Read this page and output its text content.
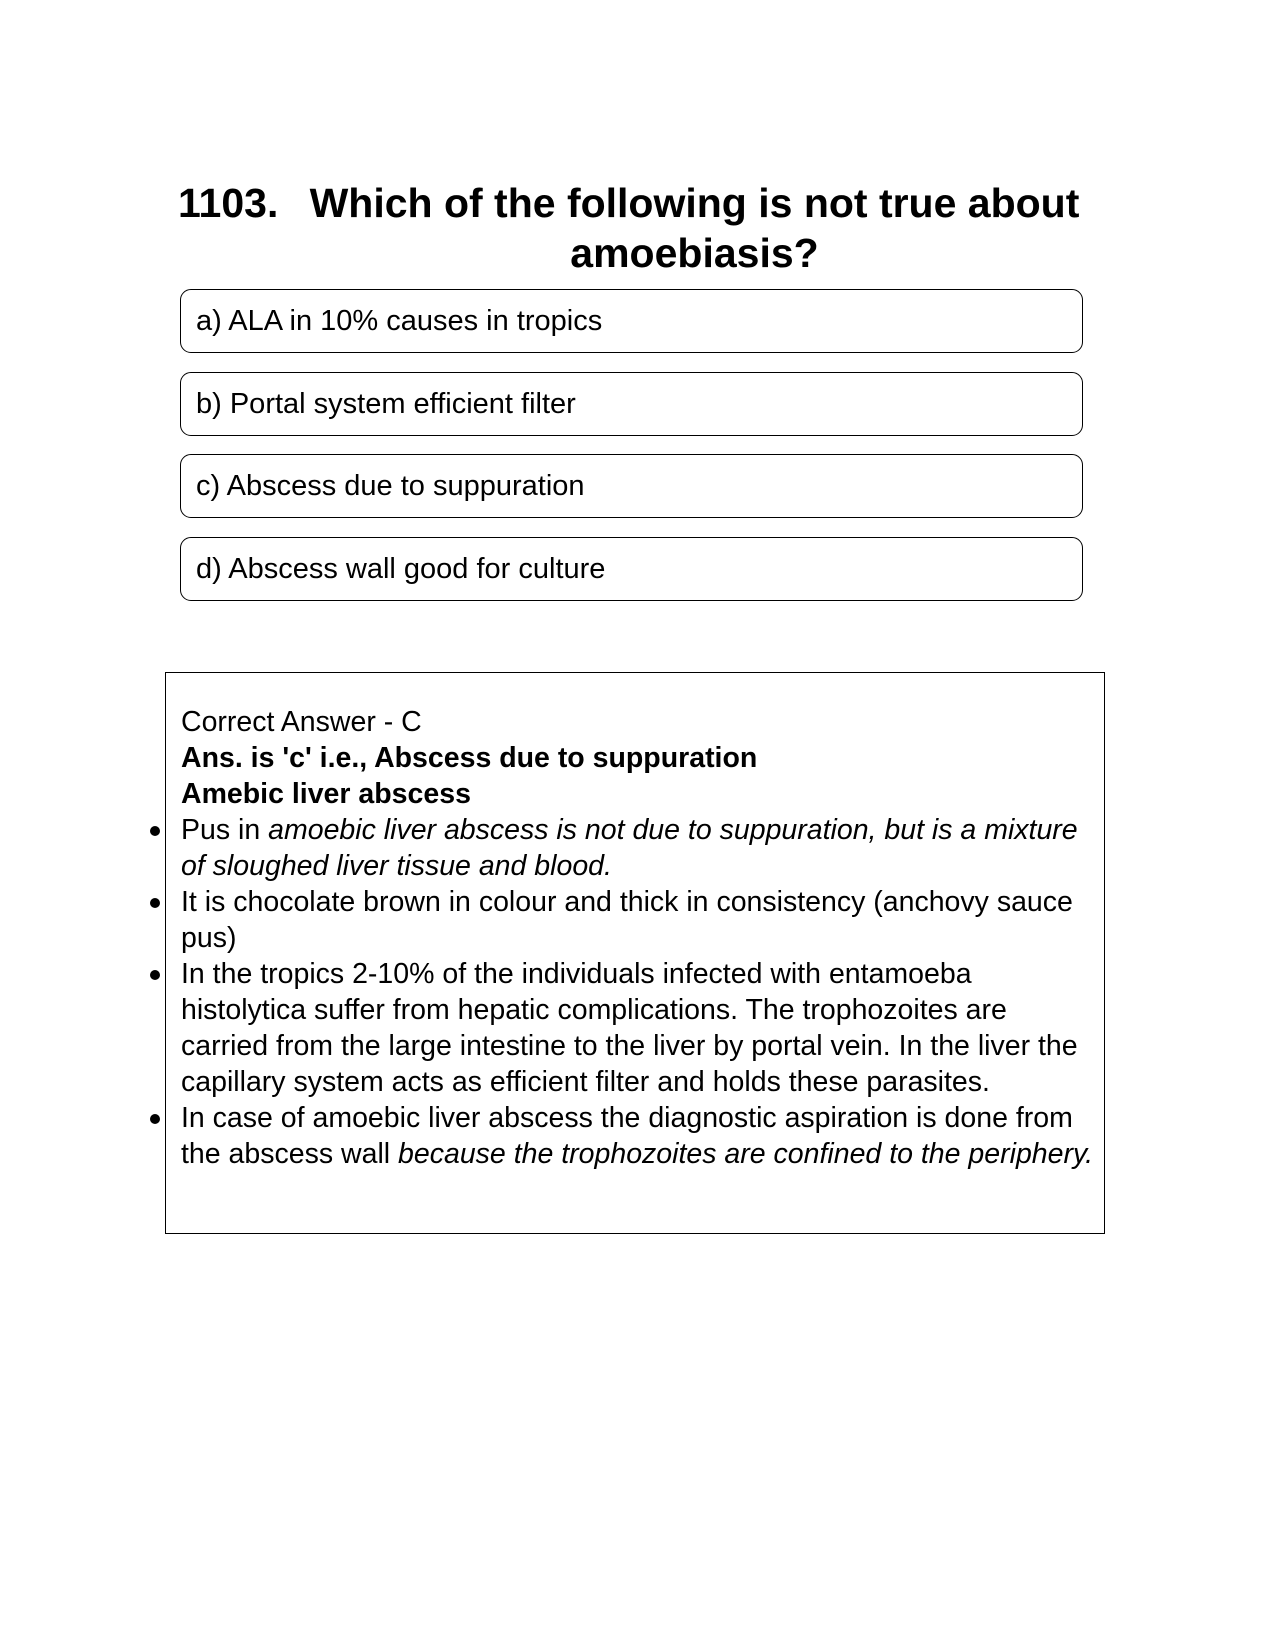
1103. Which of the following is not true about amoebiasis?
a) ALA in 10% causes in tropics
b) Portal system efficient filter
c) Abscess due to suppuration
d) Abscess wall good for culture
Correct Answer - C
Ans. is 'c' i.e., Abscess due to suppuration
Amebic liver abscess
Pus in amoebic liver abscess is not due to suppuration, but is a mixture of sloughed liver tissue and blood.
It is chocolate brown in colour and thick in consistency (anchovy sauce pus)
In the tropics 2-10% of the individuals infected with entamoeba histolytica suffer from hepatic complications. The trophozoites are carried from the large intestine to the liver by portal vein. In the liver the capillary system acts as efficient filter and holds these parasites.
In case of amoebic liver abscess the diagnostic aspiration is done from the abscess wall because the trophozoites are confined to the periphery.
